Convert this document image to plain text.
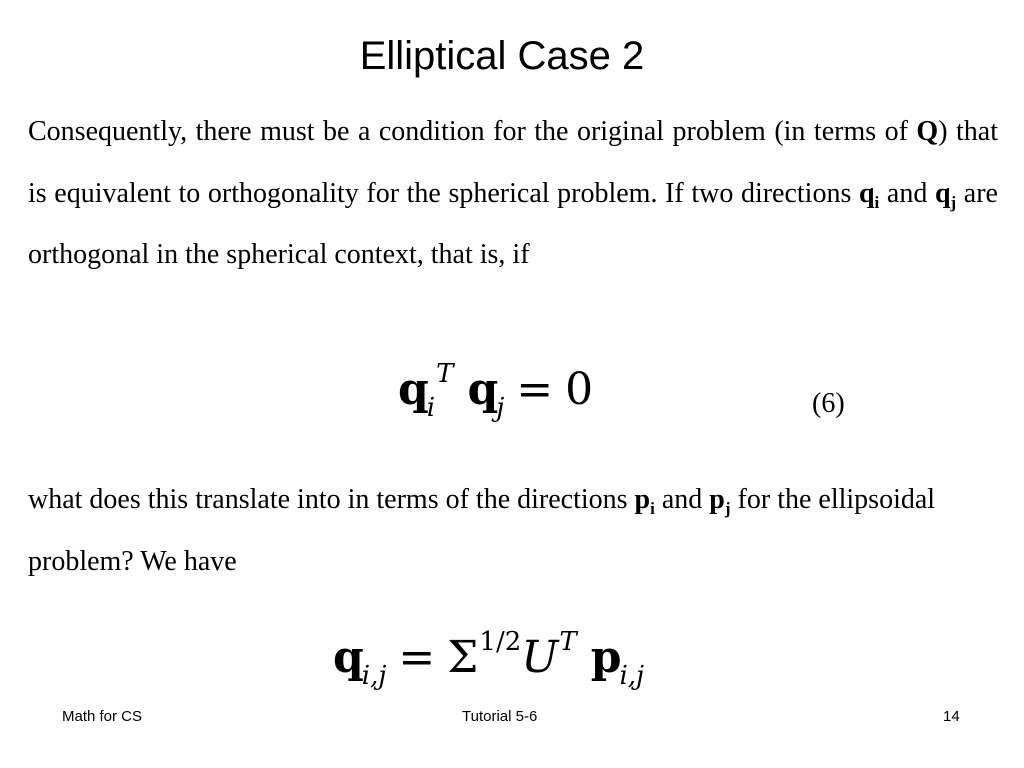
Elliptical Case 2
Consequently, there must be a condition for the original problem (in terms of Q) that is equivalent to orthogonality for the spherical problem. If two directions $q_i$ and $q_j$ are orthogonal in the spherical context, that is, if
$q_i^T$ $q_j = 0$	(6)
what does this translate into in terms of the directions $p_i$ and $p_j$ for the ellipsoidal problem? We have
$q_{i,j} = \Sigma^{1/2}U^T$ $p_{i,j}$
Math for CS	Tutorial 5-6	14
